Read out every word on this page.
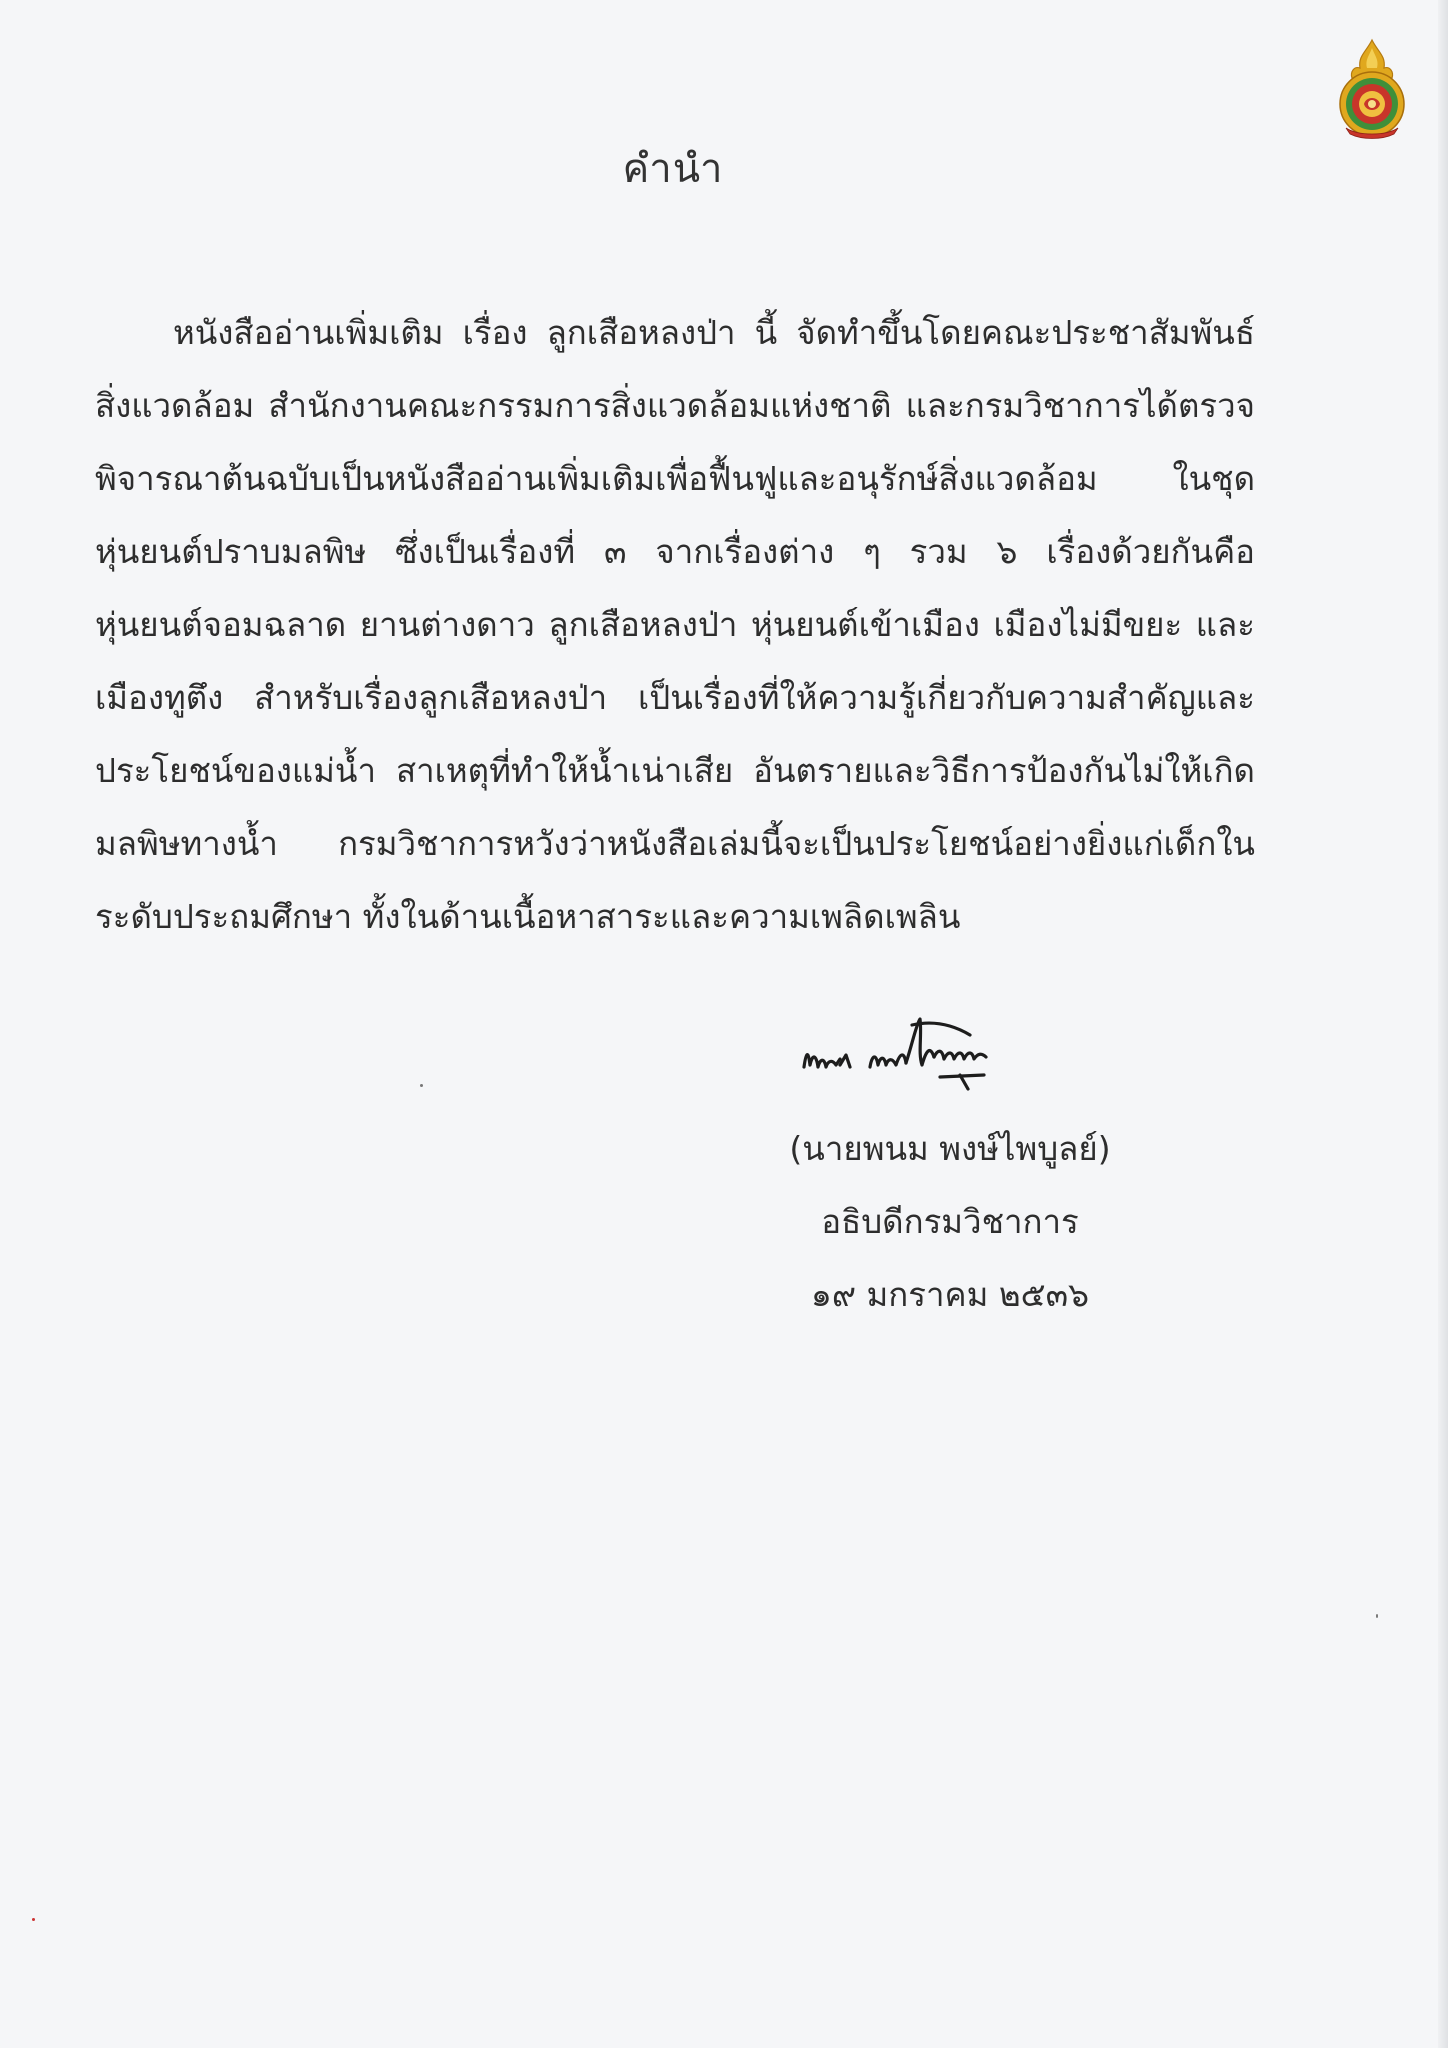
คำนำ
หนังสืออ่านเพิ่มเติม เรื่อง ลูกเสือหลงป่า นี้ จัดทำขึ้นโดยคณะประชาสัมพันธ์
สิ่งแวดล้อม สำนักงานคณะกรรมการสิ่งแวดล้อมแห่งชาติ และกรมวิชาการได้ตรวจ
พิจารณาต้นฉบับเป็นหนังสืออ่านเพิ่มเติมเพื่อฟื้นฟูและอนุรักษ์สิ่งแวดล้อม ในชุด
หุ่นยนต์ปราบมลพิษ ซึ่งเป็นเรื่องที่ ๓ จากเรื่องต่าง ๆ รวม ๖ เรื่องด้วยกันคือ
หุ่นยนต์จอมฉลาด ยานต่างดาว ลูกเสือหลงป่า หุ่นยนต์เข้าเมือง เมืองไม่มีขยะ และ
เมืองทูตึง สำหรับเรื่องลูกเสือหลงป่า เป็นเรื่องที่ให้ความรู้เกี่ยวกับความสำคัญและ
ประโยชน์ของแม่น้ำ สาเหตุที่ทำให้น้ำเน่าเสีย อันตรายและวิธีการป้องกันไม่ให้เกิด
มลพิษทางน้ำ กรมวิชาการหวังว่าหนังสือเล่มนี้จะเป็นประโยชน์อย่างยิ่งแก่เด็กใน
ระดับประถมศึกษา ทั้งในด้านเนื้อหาสาระและความเพลิดเพลิน
(นายพนม พงษ์ไพบูลย์)
อธิบดีกรมวิชาการ
๑๙ มกราคม ๒๕๓๖
